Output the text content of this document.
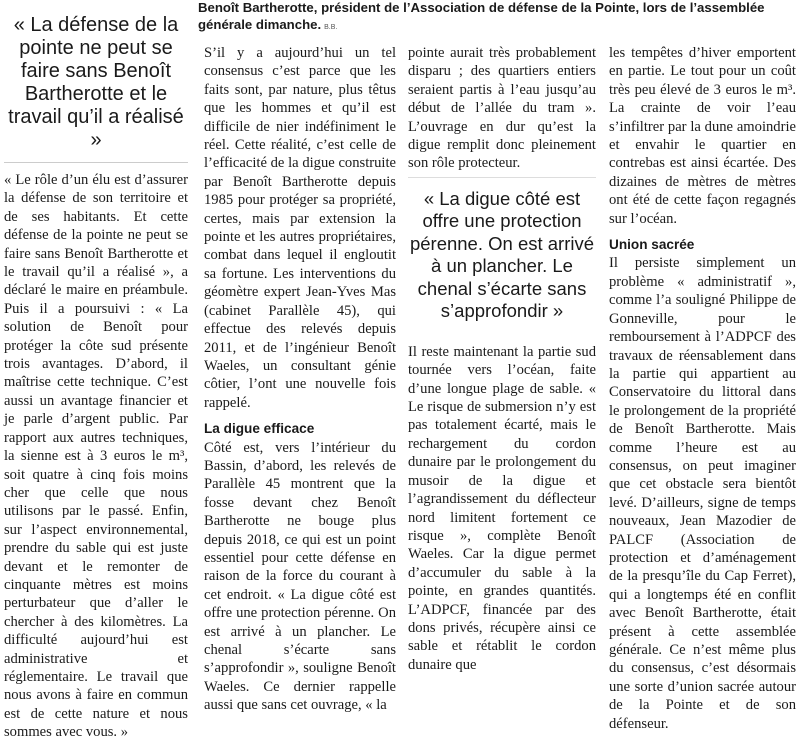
Benoît Bartherotte, président de l’Association de défense de la Pointe, lors de l’assemblée générale dimanche. B.B.
« La défense de la pointe ne peut se faire sans Benoît Bartherotte et le travail qu’il a réalisé »

« Le rôle d’un élu est d’assurer la défense de son territoire et de ses habitants. Et cette défense de la pointe ne peut se faire sans Benoît Bartherotte et le travail qu’il a réalisé », a déclaré le maire en préambule. Puis il a poursuivi : « La solution de Benoît pour protéger la côte sud présente trois avantages. D’abord, il maîtrise cette technique. C’est aussi un avantage financier et je parle d’argent public. Par rapport aux autres techniques, la sienne est à 3 euros le m³, soit quatre à cinq fois moins cher que celle que nous utilisons par le passé. Enfin, sur l’aspect environnemental, prendre du sable qui est juste devant et le remonter de cinquante mètres est moins perturbateur que d’aller le chercher à des kilomètres. La difficulté aujourd’hui est administrative et réglementaire. Le travail que nous avons à faire en commun est de cette nature et nous sommes avec vous. »

S’il y a aujourd’hui un tel consensus c’est parce que les faits sont, par nature, plus têtus que les hommes et qu’il est difficile de nier indéfiniment le réel. Cette réalité, c’est celle de l’efficacité de la digue construite par Benoît Bartherotte depuis 1985 pour protéger sa propriété, certes, mais par extension la pointe et les autres propriétaires, combat dans lequel il engloutit sa fortune. Les interventions du géomètre expert Jean-Yves Mas (cabinet Parallèle 45), qui effectue des relevés depuis 2011, et de l’ingénieur Benoît Waeles, un consultant génie côtier, l’ont une nouvelle fois rappelé.

La digue efficace

Côté est, vers l’intérieur du Bassin, d’abord, les relevés de Parallèle 45 montrent que la fosse devant chez Benoît Bartherotte ne bouge plus depuis 2018, ce qui est un point essentiel pour cette défense en raison de la force du courant à cet endroit. « La digue côté est offre une protection pérenne. On est arrivé à un plancher. Le chenal s’écarte sans s’approfondir », souligne Benoît Waeles. Ce dernier rappelle aussi que sans cet ouvrage, « la

pointe aurait très probablement disparu ; des quartiers entiers seraient partis à l’eau jusqu’au début de l’allée du tram ». L’ouvrage en dur qu’est la digue remplit donc pleinement son rôle protecteur.

« La digue côté est offre une protection pérenne. On est arrivé à un plancher. Le chenal s’écarte sans s’approfondir »

Il reste maintenant la partie sud tournée vers l’océan, faite d’une longue plage de sable. « Le risque de submersion n’y est pas totalement écarté, mais le rechargement du cordon dunaire par le prolongement du musoir de la digue et l’agrandissement du déflecteur nord limitent fortement ce risque », complète Benoît Waeles. Car la digue permet d’accumuler du sable à la pointe, en grandes quantités. L’ADPCF, financée par des dons privés, récupère ainsi ce sable et rétablit le cordon dunaire que

les tempêtes d’hiver emportent en partie. Le tout pour un coût très peu élevé de 3 euros le m³. La crainte de voir l’eau s’infiltrer par la dune amoindrie et envahir le quartier en contrebas est ainsi écartée. Des dizaines de mètres de mètres ont été de cette façon regagnés sur l’océan.

Union sacrée

Il persiste simplement un problème « administratif », comme l’a souligné Philippe de Gonneville, pour le remboursement à l’ADPCF des travaux de réensablement dans la partie qui appartient au Conservatoire du littoral dans le prolongement de la propriété de Benoît Bartherotte. Mais comme l’heure est au consensus, on peut imaginer que cet obstacle sera bientôt levé. D’ailleurs, signe de temps nouveaux, Jean Mazodier de PALCF (Association de protection et d’aménagement de la presqu’île du Cap Ferret), qui a longtemps été en conflit avec Benoît Bartherotte, était présent à cette assemblée générale. Ce n’est même plus du consensus, c’est désormais une sorte d’union sacrée autour de la Pointe et de son défenseur.
